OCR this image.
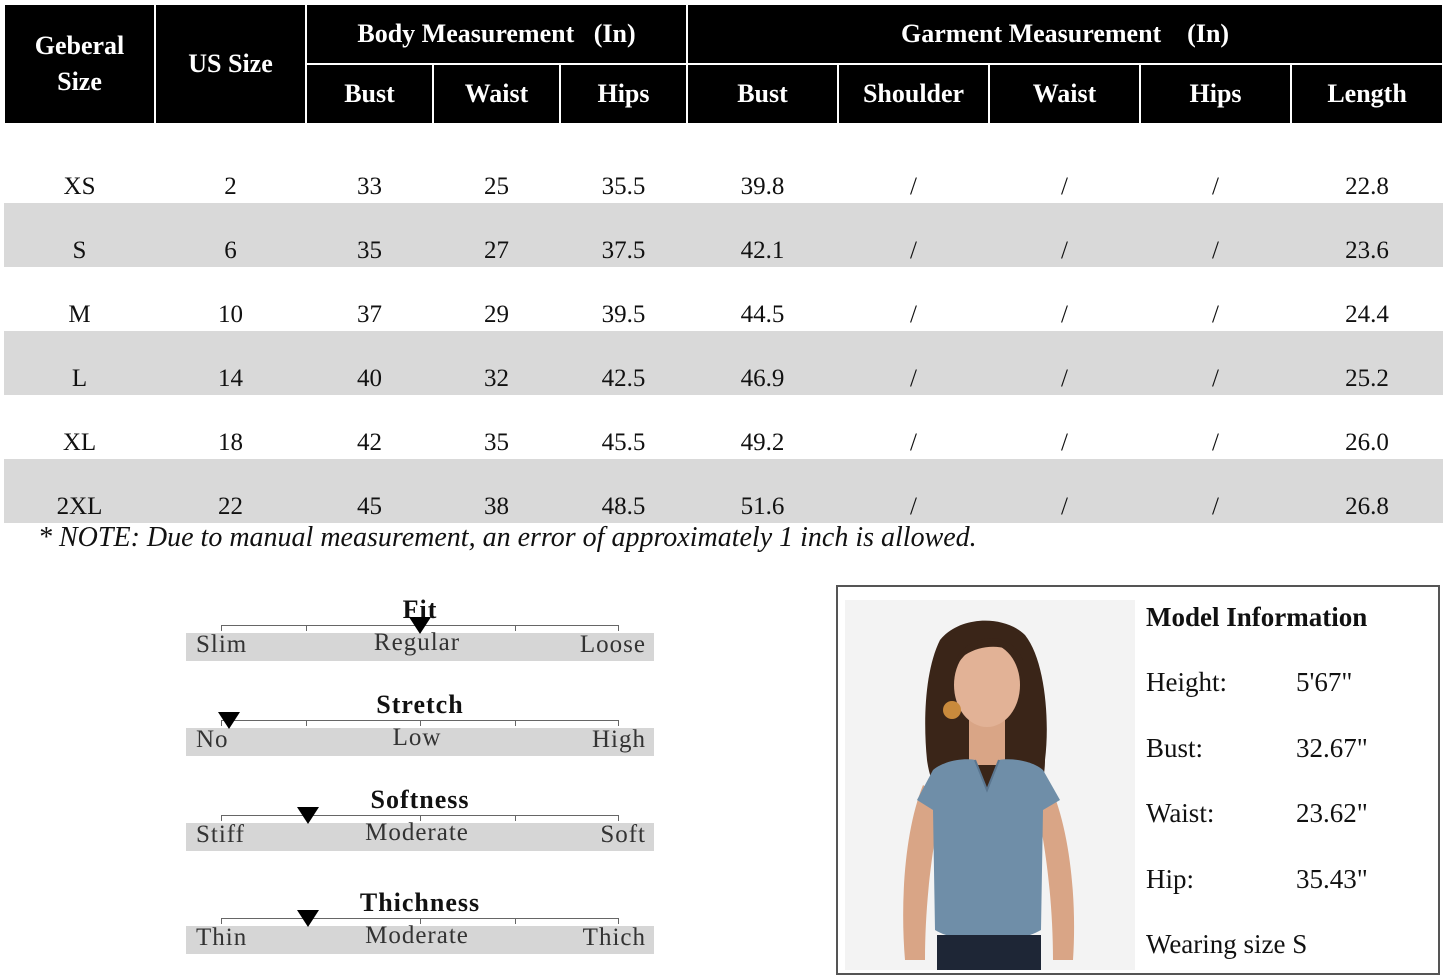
Geberal
Size	US Size	Body Measurement   (In)			Garment Measurement    (In)				
		Bust	Waist	Hips	Bust	Shoulder	Waist	Hips	Length

XS	2	33	25	35.5	39.8	/	/	/	22.8
S	6	35	27	37.5	42.1	/	/	/	23.6
M	10	37	29	39.5	44.5	/	/	/	24.4
L	14	40	32	42.5	46.9	/	/	/	25.2
XL	18	42	35	45.5	49.2	/	/	/	26.0
2XL	22	45	38	48.5	51.6	/	/	/	26.8
* NOTE: Due to manual measurement, an error of approximately 1 inch is allowed.
Fit
Slim	Regular	Loose
Stretch
No	Low	High
Softness
Stiff	Moderate	Soft
Thichness
Thin	Moderate	Thich
Model Information
Height:	5'67"
Bust:	32.67"
Waist:	23.62"
Hip:	35.43"
Wearing size S
